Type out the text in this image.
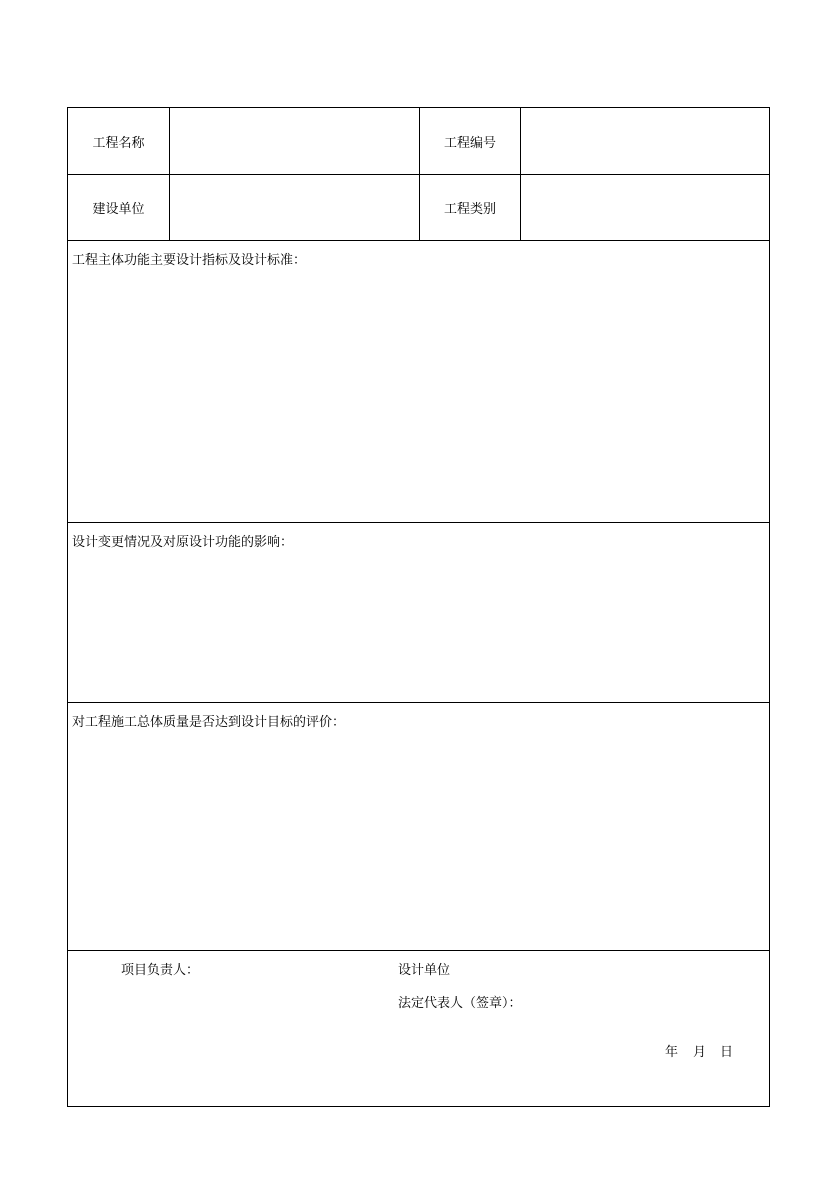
工程名称	工程编号
建设单位	工程类别
工程主体功能主要设计指标及设计标准：
设计变更情况及对原设计功能的影响：
对工程施工总体质量是否达到设计目标的评价：
项目负责人：	设计单位
法定代表人（签章）：
年 月 日
